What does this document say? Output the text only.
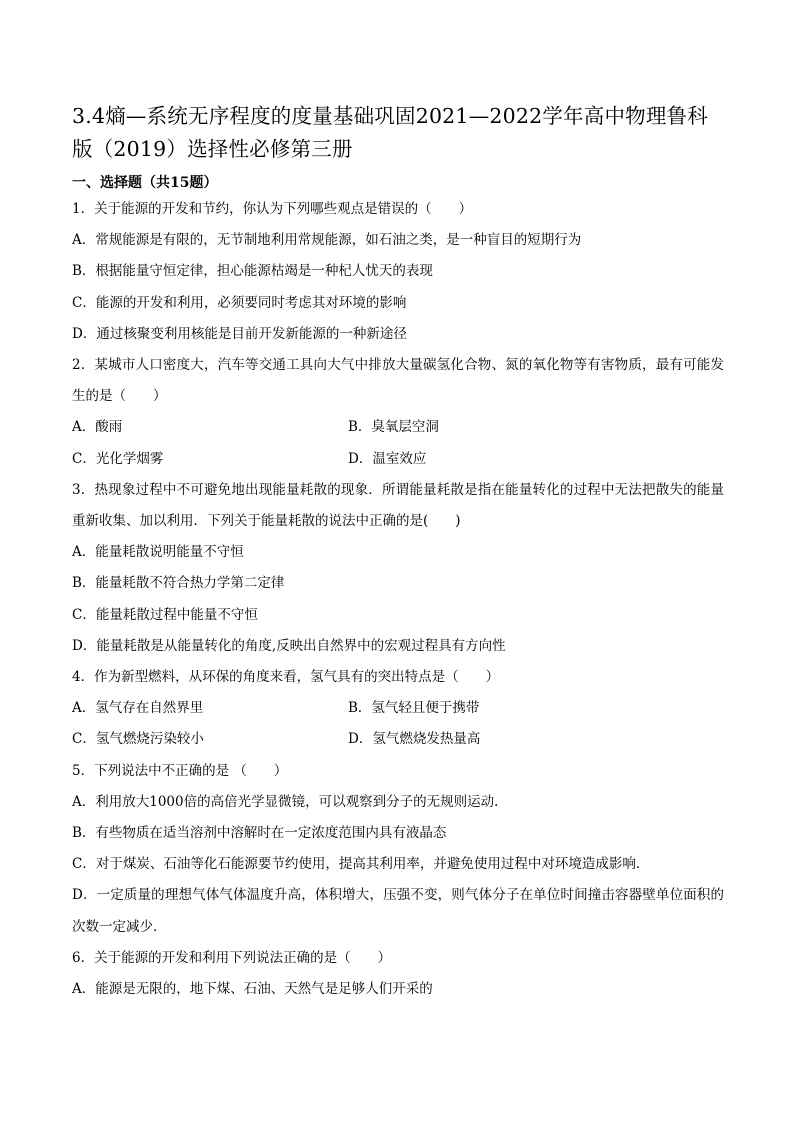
3.4熵—系统无序程度的度量基础巩固2021—2022学年高中物理鲁科版（2019）选择性必修第三册
一、选择题（共15题）
1．关于能源的开发和节约，你认为下列哪些观点是错误的（　　）
A．常规能源是有限的，无节制地利用常规能源，如石油之类，是一种盲目的短期行为
B．根据能量守恒定律，担心能源枯竭是一种杞人忧天的表现
C．能源的开发和利用，必须要同时考虑其对环境的影响
D．通过核聚变利用核能是目前开发新能源的一种新途径
2．某城市人口密度大，汽车等交通工具向大气中排放大量碳氢化合物、氮的氧化物等有害物质，最有可能发生的是（　　）
A．酸雨	B．臭氧层空洞
C．光化学烟雾	D．温室效应
3．热现象过程中不可避免地出现能量耗散的现象．所谓能量耗散是指在能量转化的过程中无法把散失的能量重新收集、加以利用．下列关于能量耗散的说法中正确的是(　　)
A．能量耗散说明能量不守恒
B．能量耗散不符合热力学第二定律
C．能量耗散过程中能量不守恒
D．能量耗散是从能量转化的角度,反映出自然界中的宏观过程具有方向性
4．作为新型燃料，从环保的角度来看，氢气具有的突出特点是（　　）
A．氢气存在自然界里	B．氢气轻且便于携带
C．氢气燃烧污染较小	D．氢气燃烧发热量高
5．下列说法中不正确的是 （　　）
A．利用放大1000倍的高倍光学显微镜，可以观察到分子的无规则运动．
B．有些物质在适当溶剂中溶解时在一定浓度范围内具有液晶态
C．对于煤炭、石油等化石能源要节约使用，提高其利用率，并避免使用过程中对环境造成影响．
D．一定质量的理想气体气体温度升高，体积增大，压强不变，则气体分子在单位时间撞击容器壁单位面积的次数一定减少．
6．关于能源的开发和利用下列说法正确的是（　　）
A．能源是无限的，地下煤、石油、天然气是足够人们开采的
